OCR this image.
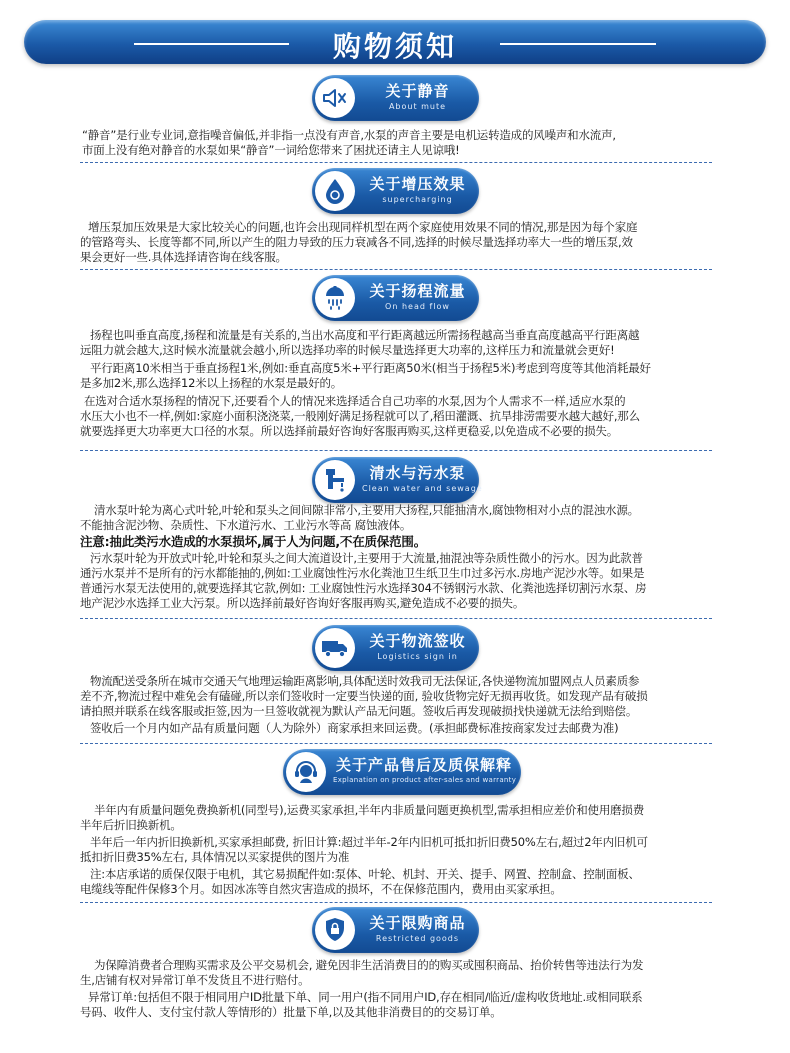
购物须知
关于静音
About mute
“静音”是行业专业词,意指噪音偏低,并非指一点没有声音,水泵的声音主要是电机运转造成的风噪声和水流声,
市面上没有绝对静音的水泵如果“静音”一词给您带来了困扰还请主人见谅哦!
关于增压效果
supercharging
增压泵加压效果是大家比较关心的问题,也许会出现同样机型在两个家庭使用效果不同的情况,那是因为每个家庭
的管路弯头、长度等都不同,所以产生的阻力导致的压力衰减各不同,选择的时候尽量选择功率大一些的增压泵,效
果会更好一些.具体选择请咨询在线客服。
关于扬程流量
On head flow
扬程也叫垂直高度,扬程和流量是有关系的,当出水高度和平行距离越远所需扬程越高当垂直高度越高平行距离越
远阻力就会越大,这时候水流量就会越小,所以选择功率的时候尽量选择更大功率的,这样压力和流量就会更好!
平行距离10米相当于垂直扬程1米,例如:垂直高度5米+平行距离50米(相当于扬程5米)考虑到弯度等其他消耗最好
是多加2米,那么选择12米以上扬程的水泵是最好的。
在选对合适水泵扬程的情况下,还要看个人的情况来选择适合自己功率的水泵,因为个人需求不一样,适应水泵的
水压大小也不一样,例如:家庭小面积浇浇菜,一般刚好满足扬程就可以了,稻田灌溉、抗旱排涝需要水越大越好,那么
就要选择更大功率更大口径的水泵。所以选择前最好咨询好客服再购买,这样更稳妥,以免造成不必要的损失。
清水与污水泵
Clean water and sewage
清水泵叶轮为离心式叶轮,叶轮和泵头之间间隙非常小,主要用大扬程,只能抽清水,腐蚀物相对小点的混浊水源。
不能抽含泥沙物、杂质性、下水道污水、工业污水等高 腐蚀液体。
注意:抽此类污水造成的水泵损坏,属于人为问题,不在质保范围。
污水泵叶轮为开放式叶轮,叶轮和泵头之间大流道设计,主要用于大流量,抽混浊等杂质性微小的污水。因为此款普
通污水泵并不是所有的污水都能抽的,例如:工业腐蚀性污水化粪池卫生纸卫生巾过多污水.房地产泥沙水等。如果是
普通污水泵无法使用的,就要选择其它款,例如: 工业腐蚀性污水选择304不锈钢污水款、化粪池选择切割污水泵、房
地产泥沙水选择工业大污泵。所以选择前最好咨询好客服再购买,避免造成不必要的损失。
关于物流签收
Logistics sign in
物流配送受条所在城市交通天气地理运输距离影响,具体配送时效我司无法保证,各快递物流加盟网点人员素质参
差不齐,物流过程中难免会有磕碰,所以亲们签收时一定要当快递的面, 验收货物完好无损再收货。如发现产品有破损
请拍照并联系在线客服或拒签,因为一旦签收就视为默认产品无问题。签收后再发现破损找快递就无法给到赔偿。
签收后一个月内如产品有质量问题（人为除外）商家承担来回运费。(承担邮费标准按商家发过去邮费为准)
关于产品售后及质保解释
Explanation on product after-sales and warranty
半年内有质量问题免费换新机(同型号),运费买家承担,半年内非质量问题更换机型,需承担相应差价和使用磨损费
半年后折旧换新机。
半年后一年内折旧换新机,买家承担邮费, 折旧计算:超过半年-2年内旧机可抵扣折旧费50%左右,超过2年内旧机可
抵扣折旧费35%左右, 具体情况以买家提供的图片为准
注:本店承诺的质保仅限于电机，其它易损配件如:泵体、叶轮、机封、开关、提手、网置、控制盒、控制面板、
电缆线等配件保修3个月。如因冰冻等自然灾害造成的损坏，不在保修范围内，费用由买家承担。
关于限购商品
Restricted goods
为保障消费者合理购买需求及公平交易机会, 避免因非生活消费目的的购买或囤积商品、抬价转售等违法行为发
生,店铺有权对异常订单不发货且不进行赔付。
异常订单:包括但不限于相同用户ID批量下单、同一用户(指不同用户ID,存在相同/临近/虚构收货地址.或相同联系
号码、收件人、支付宝付款人等情形的）批量下单,以及其他非消费目的的交易订单。
